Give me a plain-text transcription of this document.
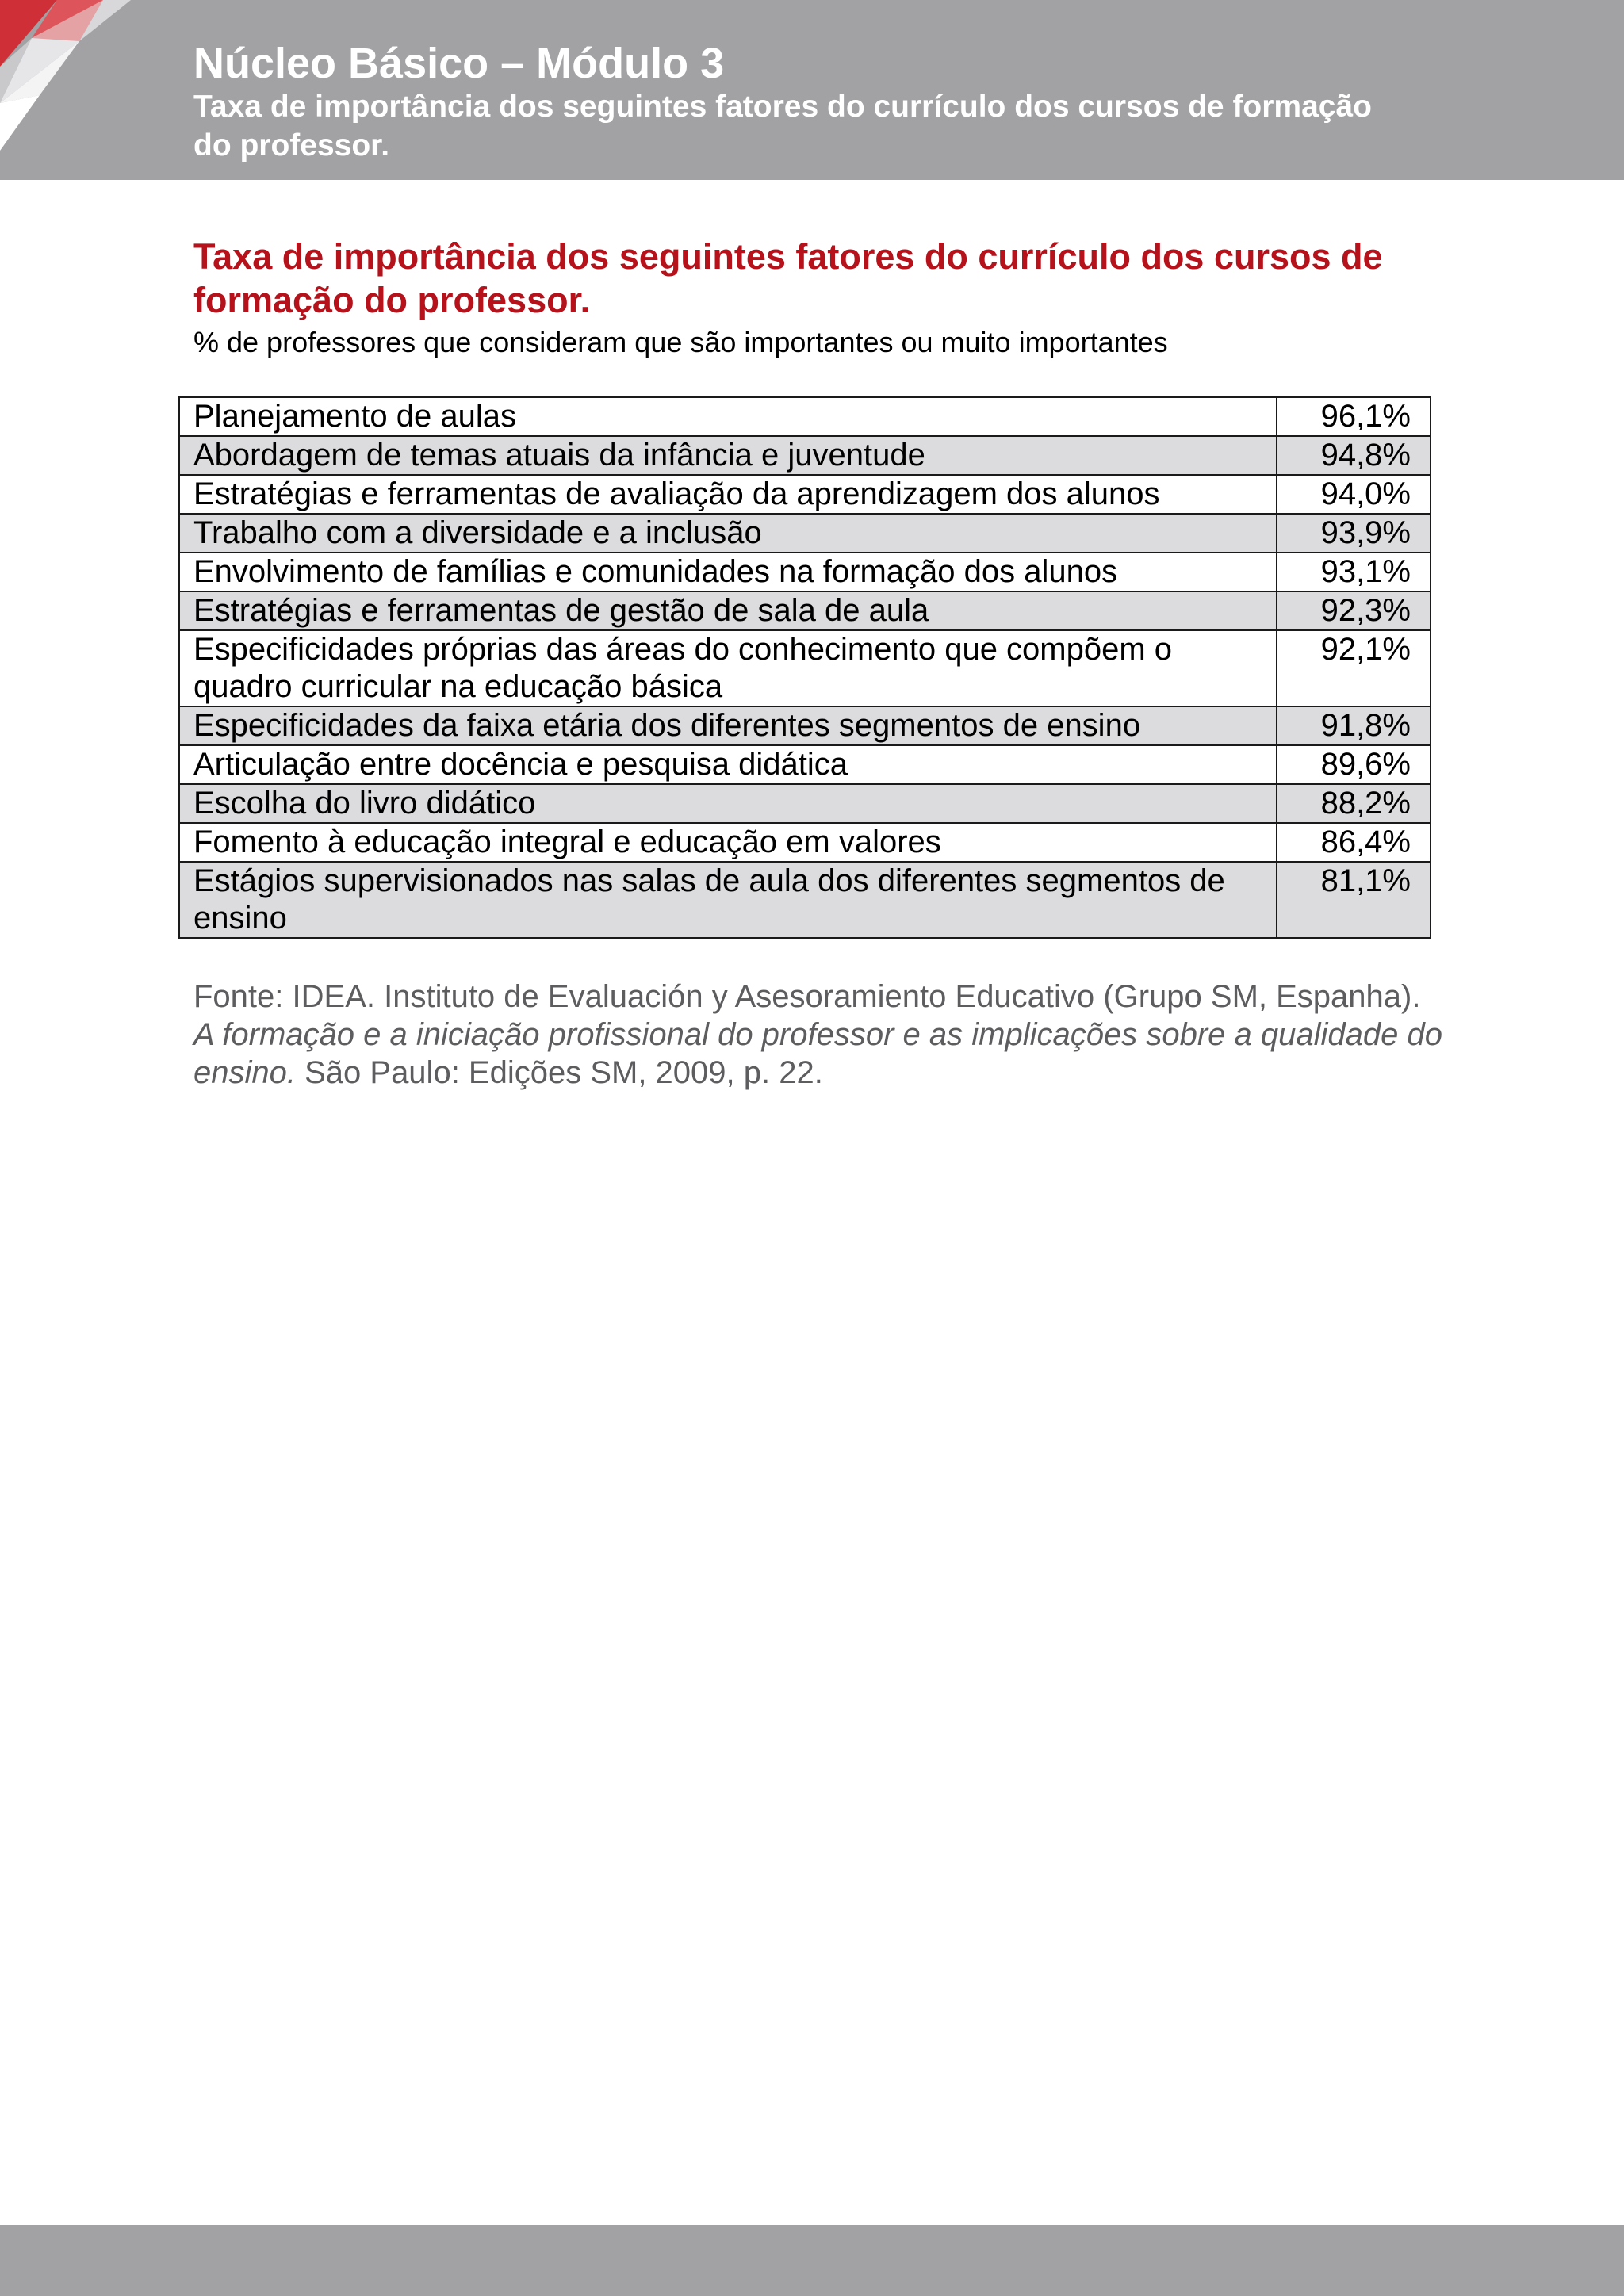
Núcleo Básico – Módulo 3

Taxa de importância dos seguintes fatores do currículo dos cursos de formação do professor.

Taxa de importância dos seguintes fatores do currículo dos cursos de formação do professor.

% de professores que consideram que são importantes ou muito importantes

Planejamento de aulas	96,1%
Abordagem de temas atuais da infância e juventude	94,8%
Estratégias e ferramentas de avaliação da aprendizagem dos alunos	94,0%
Trabalho com a diversidade e a inclusão	93,9%
Envolvimento de famílias e comunidades na formação dos alunos	93,1%
Estratégias e ferramentas de gestão de sala de aula	92,3%
Especificidades próprias das áreas do conhecimento que compõem o quadro curricular na educação básica	92,1%
Especificidades da faixa etária dos diferentes segmentos de ensino	91,8%
Articulação entre docência e pesquisa didática	89,6%
Escolha do livro didático	88,2%
Fomento à educação integral e educação em valores	86,4%
Estágios supervisionados nas salas de aula dos diferentes segmentos de ensino	81,1%

Fonte: IDEA. Instituto de Evaluación y Asesoramiento Educativo (Grupo SM, Espanha). A formação e a iniciação profissional do professor e as implicações sobre a qualidade do ensino. São Paulo: Edições SM, 2009, p. 22.
